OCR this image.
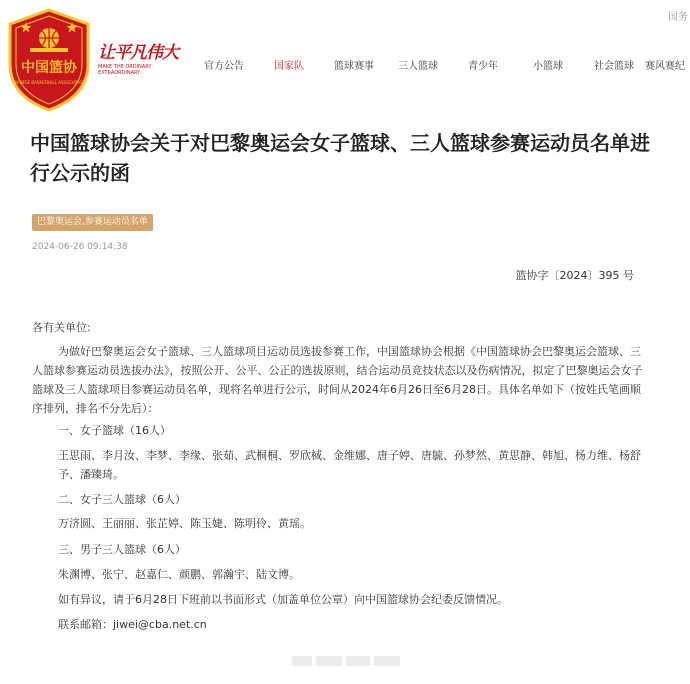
中国篮协
CHINESE BASKETBALL ASSOCIATION
让平凡伟大
MAKE THE ORDINARY
EXTRAORDINARY
国务
官方公告	国家队	篮球赛事 三人篮球	青少年	小篮球	社会篮球 赛风赛纪
中国篮球协会关于对巴黎奥运会女子篮球、三人篮球参赛运动员名单进行公示的函
巴黎奥运会,参赛运动员名单
2024-06-26 09:14:38
篮协字〔2024〕395 号
各有关单位:
为做好巴黎奥运会女子篮球、三人篮球项目运动员选拔参赛工作，中国篮球协会根据《中国篮球协会巴黎奥运会篮球、三人篮球参赛运动员选拔办法》，按照公开、公平、公正的选拔原则，结合运动员竞技状态以及伤病情况，拟定了巴黎奥运会女子篮球及三人篮球项目参赛运动员名单，现将名单进行公示，时间从2024年6月26日至6月28日。具体名单如下（按姓氏笔画顺序排列，排名不分先后）：
一、女子篮球（16人）
王思雨、李月汝、李梦、李缘、张茹、武桐桐、罗欣棫、金维娜、唐子婷、唐毓、孙梦然、黄思静、韩旭、杨力维、杨舒予、潘臻琦。
二、女子三人篮球（6人）
万济圆、王丽丽、张芷婷、陈玉婕、陈明伶、黄瑶。
三、男子三人篮球（6人）
朱渊博、张宁、赵嘉仁、颜鹏、郭瀚宇、陆文博。
如有异议，请于6月28日下班前以书面形式（加盖单位公章）向中国篮球协会纪委反馈情况。
联系邮箱：jiwei@cba.net.cn
